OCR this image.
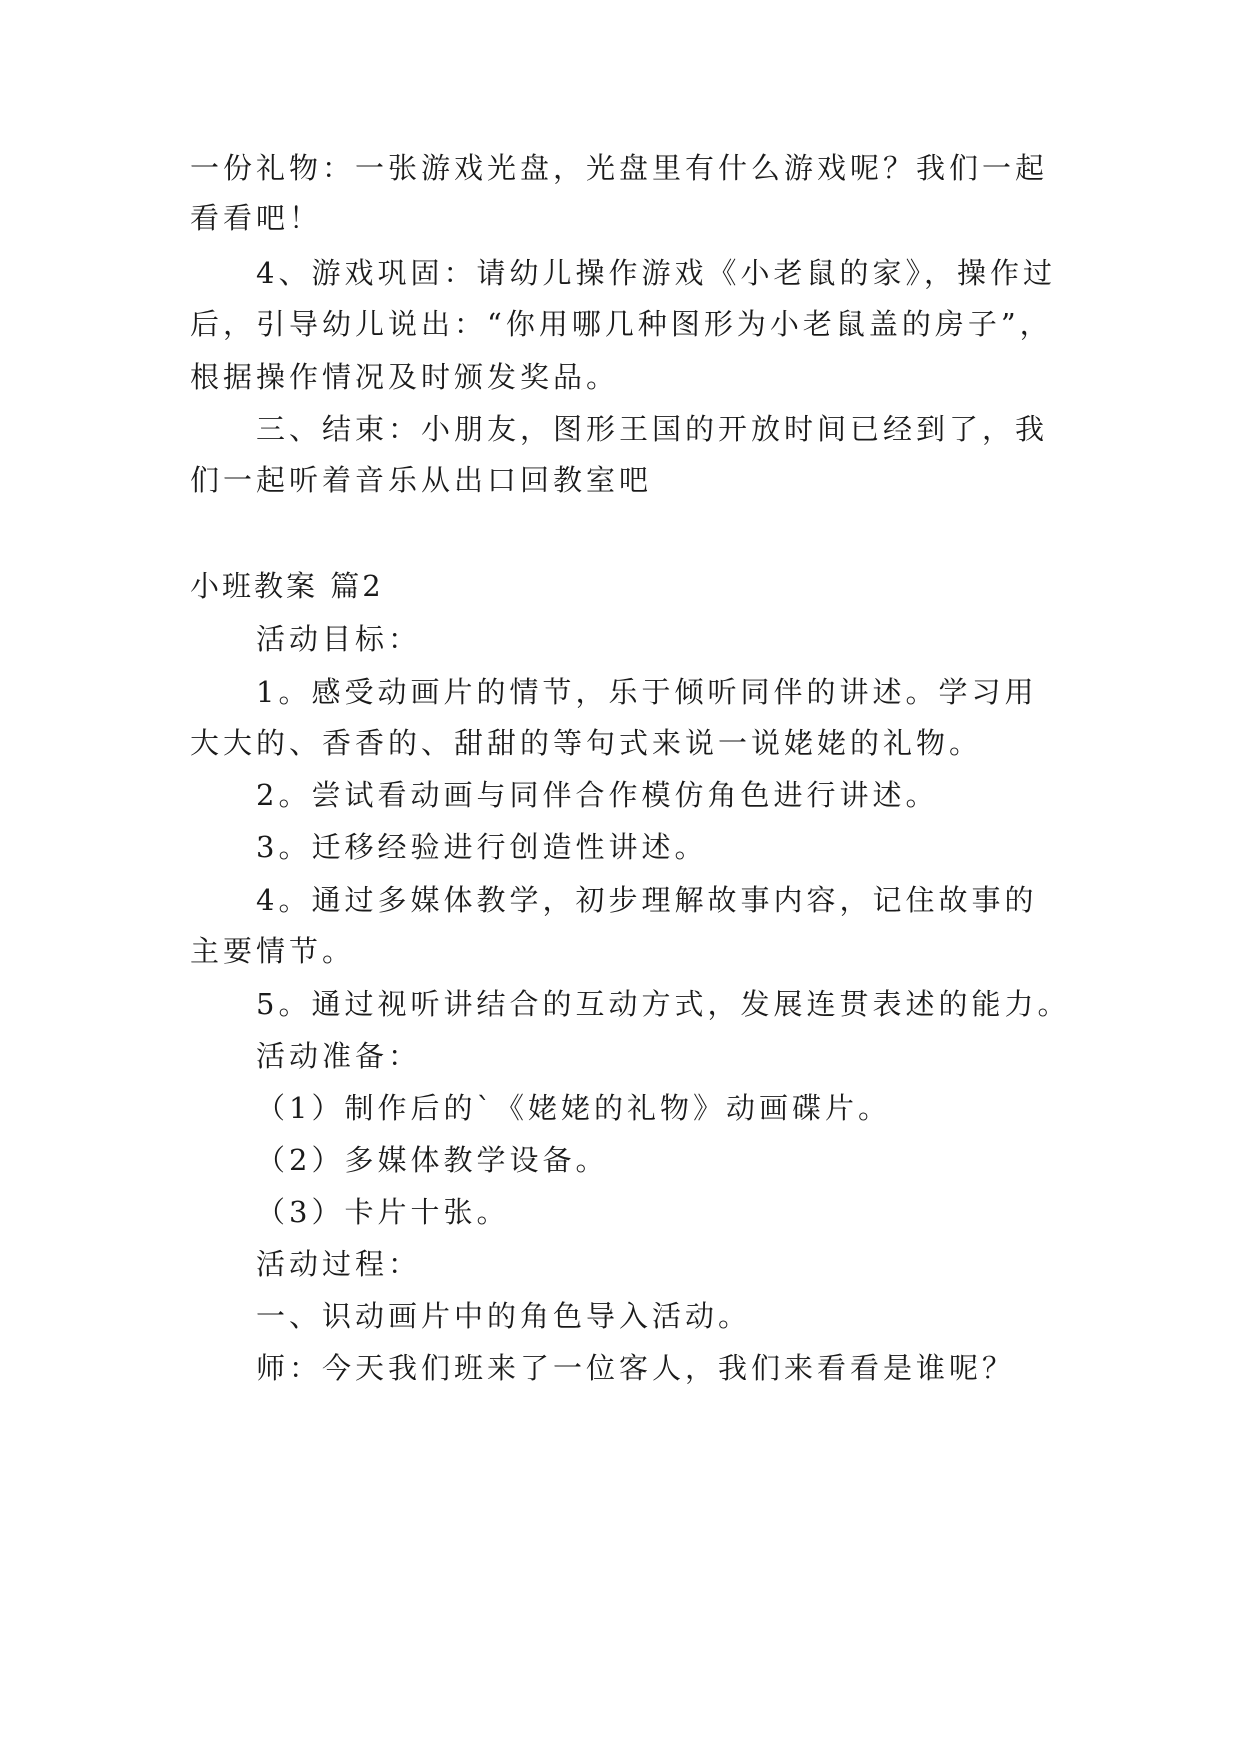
一份礼物：一张游戏光盘，光盘里有什么游戏呢？我们一起
看看吧！
4、游戏巩固：请幼儿操作游戏《小老鼠的家》，操作过
后，引导幼儿说出：“你用哪几种图形为小老鼠盖的房子”，
根据操作情况及时颁发奖品。
三、结束：小朋友，图形王国的开放时间已经到了，我
们一起听着音乐从出口回教室吧
小班教案 篇2
活动目标：
1。感受动画片的情节，乐于倾听同伴的讲述。学习用
大大的、香香的、甜甜的等句式来说一说姥姥的礼物。
2。尝试看动画与同伴合作模仿角色进行讲述。
3。迁移经验进行创造性讲述。
4。通过多媒体教学，初步理解故事内容，记住故事的
主要情节。
5。通过视听讲结合的互动方式，发展连贯表述的能力。
活动准备：
（1）制作后的`《姥姥的礼物》动画碟片。
（2）多媒体教学设备。
（3）卡片十张。
活动过程：
一、识动画片中的角色导入活动。
师：今天我们班来了一位客人，我们来看看是谁呢？
